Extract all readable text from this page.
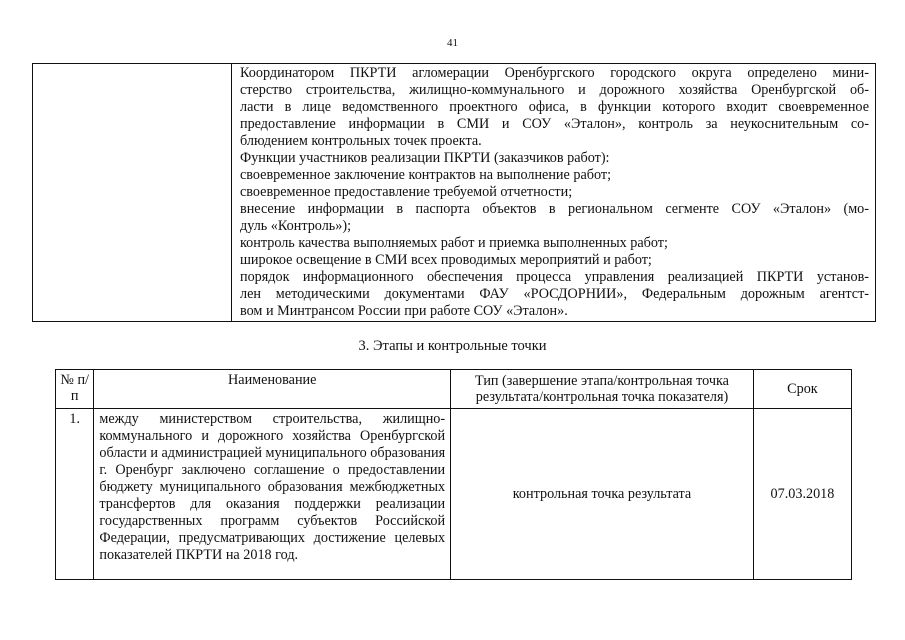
41

Координатором ПКРТИ агломерации Оренбургского городского округа определено мини-
стерство строительства, жилищно-коммунального и дорожного хозяйства Оренбургской об-
ласти в лице ведомственного проектного офиса, в функции которого входит своевременное
предоставление информации в СМИ и СОУ «Эталон», контроль за неукоснительным со-
блюдением контрольных точек проекта.
Функции участников реализации ПКРТИ (заказчиков работ):
своевременное заключение контрактов на выполнение работ;
своевременное предоставление требуемой отчетности;
внесение информации в паспорта объектов в региональном сегменте СОУ «Эталон» (мо-
дуль «Контроль»);
контроль качества выполняемых работ и приемка выполненных работ;
широкое освещение в СМИ всех проводимых мероприятий и работ;
порядок информационного обеспечения процесса управления реализацией ПКРТИ установ-
лен методическими документами ФАУ «РОСДОРНИИ», Федеральным дорожным агентст-
вом и Минтрансом России при работе СОУ «Эталон».
3. Этапы и контрольные точки
№ п/п	Наименование	Тип (завершение этапа/контрольная точка результата/контрольная точка показателя)	Срок
1.	между министерством строительства, жилищно-коммунального и дорожного хозяйства Оренбургской области и администрацией муниципального образования г. Оренбург заключено соглашение о предоставлении бюджету муниципального образования межбюджетных трансфертов для оказания поддержки реализации государственных программ субъектов Российской Федерации, предусматривающих достижение целевых показателей ПКРТИ на 2018 год.	контрольная точка результата	07.03.2018
